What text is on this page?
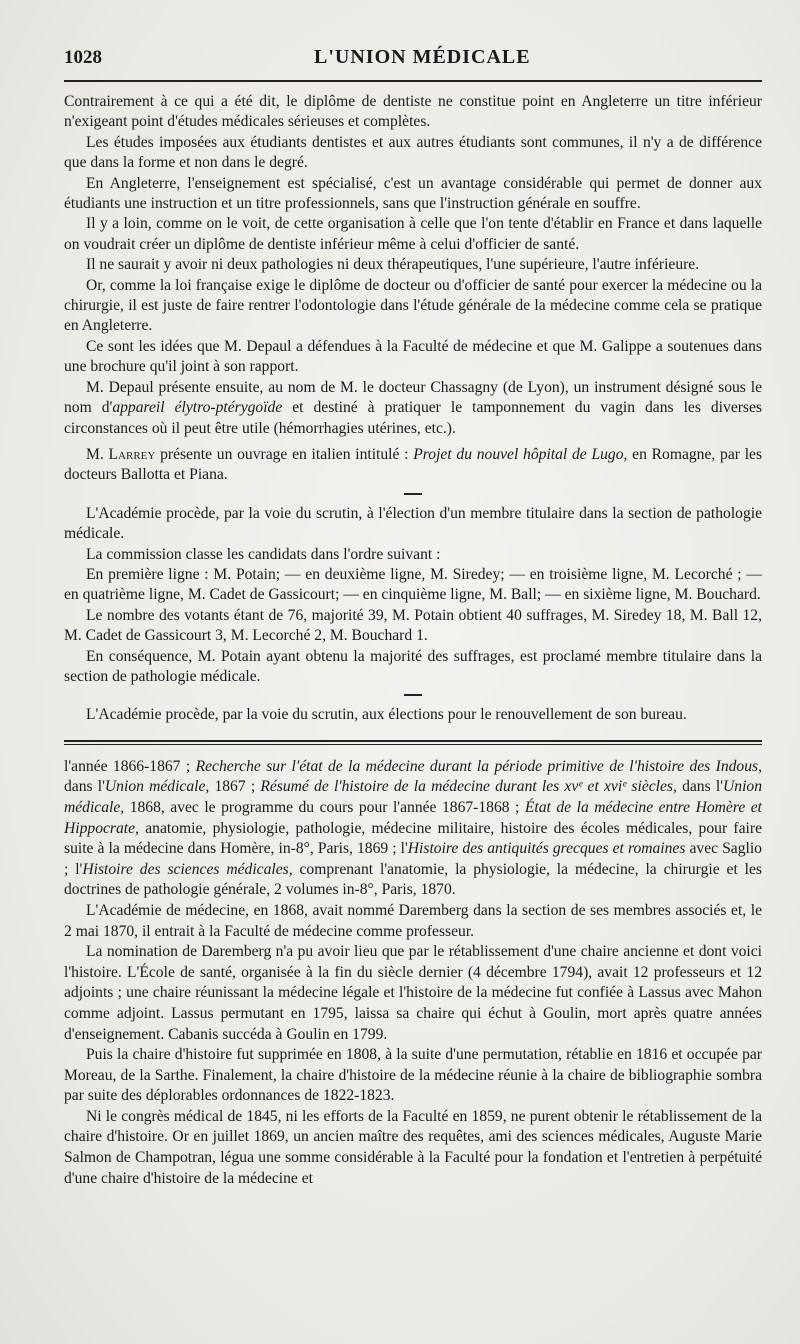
1028	L'UNION MÉDICALE

Contrairement à ce qui a été dit, le diplôme de dentiste ne constitue point en Angleterre un titre inférieur n'exigeant point d'études médicales sérieuses et complètes.

Les études imposées aux étudiants dentistes et aux autres étudiants sont communes, il n'y a de différence que dans la forme et non dans le degré.

En Angleterre, l'enseignement est spécialisé, c'est un avantage considérable qui permet de donner aux étudiants une instruction et un titre professionnels, sans que l'instruction générale en souffre.

Il y a loin, comme on le voit, de cette organisation à celle que l'on tente d'établir en France et dans laquelle on voudrait créer un diplôme de dentiste inférieur même à celui d'officier de santé.

Il ne saurait y avoir ni deux pathologies ni deux thérapeutiques, l'une supérieure, l'autre inférieure.

Or, comme la loi française exige le diplôme de docteur ou d'officier de santé pour exercer la médecine ou la chirurgie, il est juste de faire rentrer l'odontologie dans l'étude générale de la médecine comme cela se pratique en Angleterre.

Ce sont les idées que M. Depaul a défendues à la Faculté de médecine et que M. Galippe a soutenues dans une brochure qu'il joint à son rapport.

M. Depaul présente ensuite, au nom de M. le docteur Chassagny (de Lyon), un instrument désigné sous le nom d'appareil élytro-ptérygoïde et destiné à pratiquer le tamponnement du vagin dans les diverses circonstances où il peut être utile (hémorrhagies utérines, etc.).

M. Larrey présente un ouvrage en italien intitulé : Projet du nouvel hôpital de Lugo, en Romagne, par les docteurs Ballotta et Piana.

L'Académie procède, par la voie du scrutin, à l'élection d'un membre titulaire dans la section de pathologie médicale.

La commission classe les candidats dans l'ordre suivant :

En première ligne : M. Potain; — en deuxième ligne, M. Siredey; — en troisième ligne, M. Lecorché ; — en quatrième ligne, M. Cadet de Gassicourt; — en cinquième ligne, M. Ball; — en sixième ligne, M. Bouchard.

Le nombre des votants étant de 76, majorité 39, M. Potain obtient 40 suffrages, M. Siredey 18, M. Ball 12, M. Cadet de Gassicourt 3, M. Lecorché 2, M. Bouchard 1.

En conséquence, M. Potain ayant obtenu la majorité des suffrages, est proclamé membre titulaire dans la section de pathologie médicale.

L'Académie procède, par la voie du scrutin, aux élections pour le renouvellement de son bureau.

l'année 1866-1867 ; Recherche sur l'état de la médecine durant la période primitive de l'histoire des Indous, dans l'Union médicale, 1867 ; Résumé de l'histoire de la médecine durant les xvᵉ et xviᵉ siècles, dans l'Union médicale, 1868, avec le programme du cours pour l'année 1867-1868 ; État de la médecine entre Homère et Hippocrate, anatomie, physiologie, pathologie, médecine militaire, histoire des écoles médicales, pour faire suite à la médecine dans Homère, in-8°, Paris, 1869 ; l'Histoire des antiquités grecques et romaines avec Saglio ; l'Histoire des sciences médicales, comprenant l'anatomie, la physiologie, la médecine, la chirurgie et les doctrines de pathologie générale, 2 volumes in-8°, Paris, 1870.

L'Académie de médecine, en 1868, avait nommé Daremberg dans la section de ses membres associés et, le 2 mai 1870, il entrait à la Faculté de médecine comme professeur.

La nomination de Daremberg n'a pu avoir lieu que par le rétablissement d'une chaire ancienne et dont voici l'histoire. L'École de santé, organisée à la fin du siècle dernier (4 décembre 1794), avait 12 professeurs et 12 adjoints ; une chaire réunissant la médecine légale et l'histoire de la médecine fut confiée à Lassus avec Mahon comme adjoint. Lassus permutant en 1795, laissa sa chaire qui échut à Goulin, mort après quatre années d'enseignement. Cabanis succéda à Goulin en 1799.

Puis la chaire d'histoire fut supprimée en 1808, à la suite d'une permutation, rétablie en 1816 et occupée par Moreau, de la Sarthe. Finalement, la chaire d'histoire de la médecine réunie à la chaire de bibliographie sombra par suite des déplorables ordonnances de 1822-1823.

Ni le congrès médical de 1845, ni les efforts de la Faculté en 1859, ne purent obtenir le rétablissement de la chaire d'histoire. Or en juillet 1869, un ancien maître des requêtes, ami des sciences médicales, Auguste Marie Salmon de Champotran, légua une somme considérable à la Faculté pour la fondation et l'entretien à perpétuité d'une chaire d'histoire de la médecine et
